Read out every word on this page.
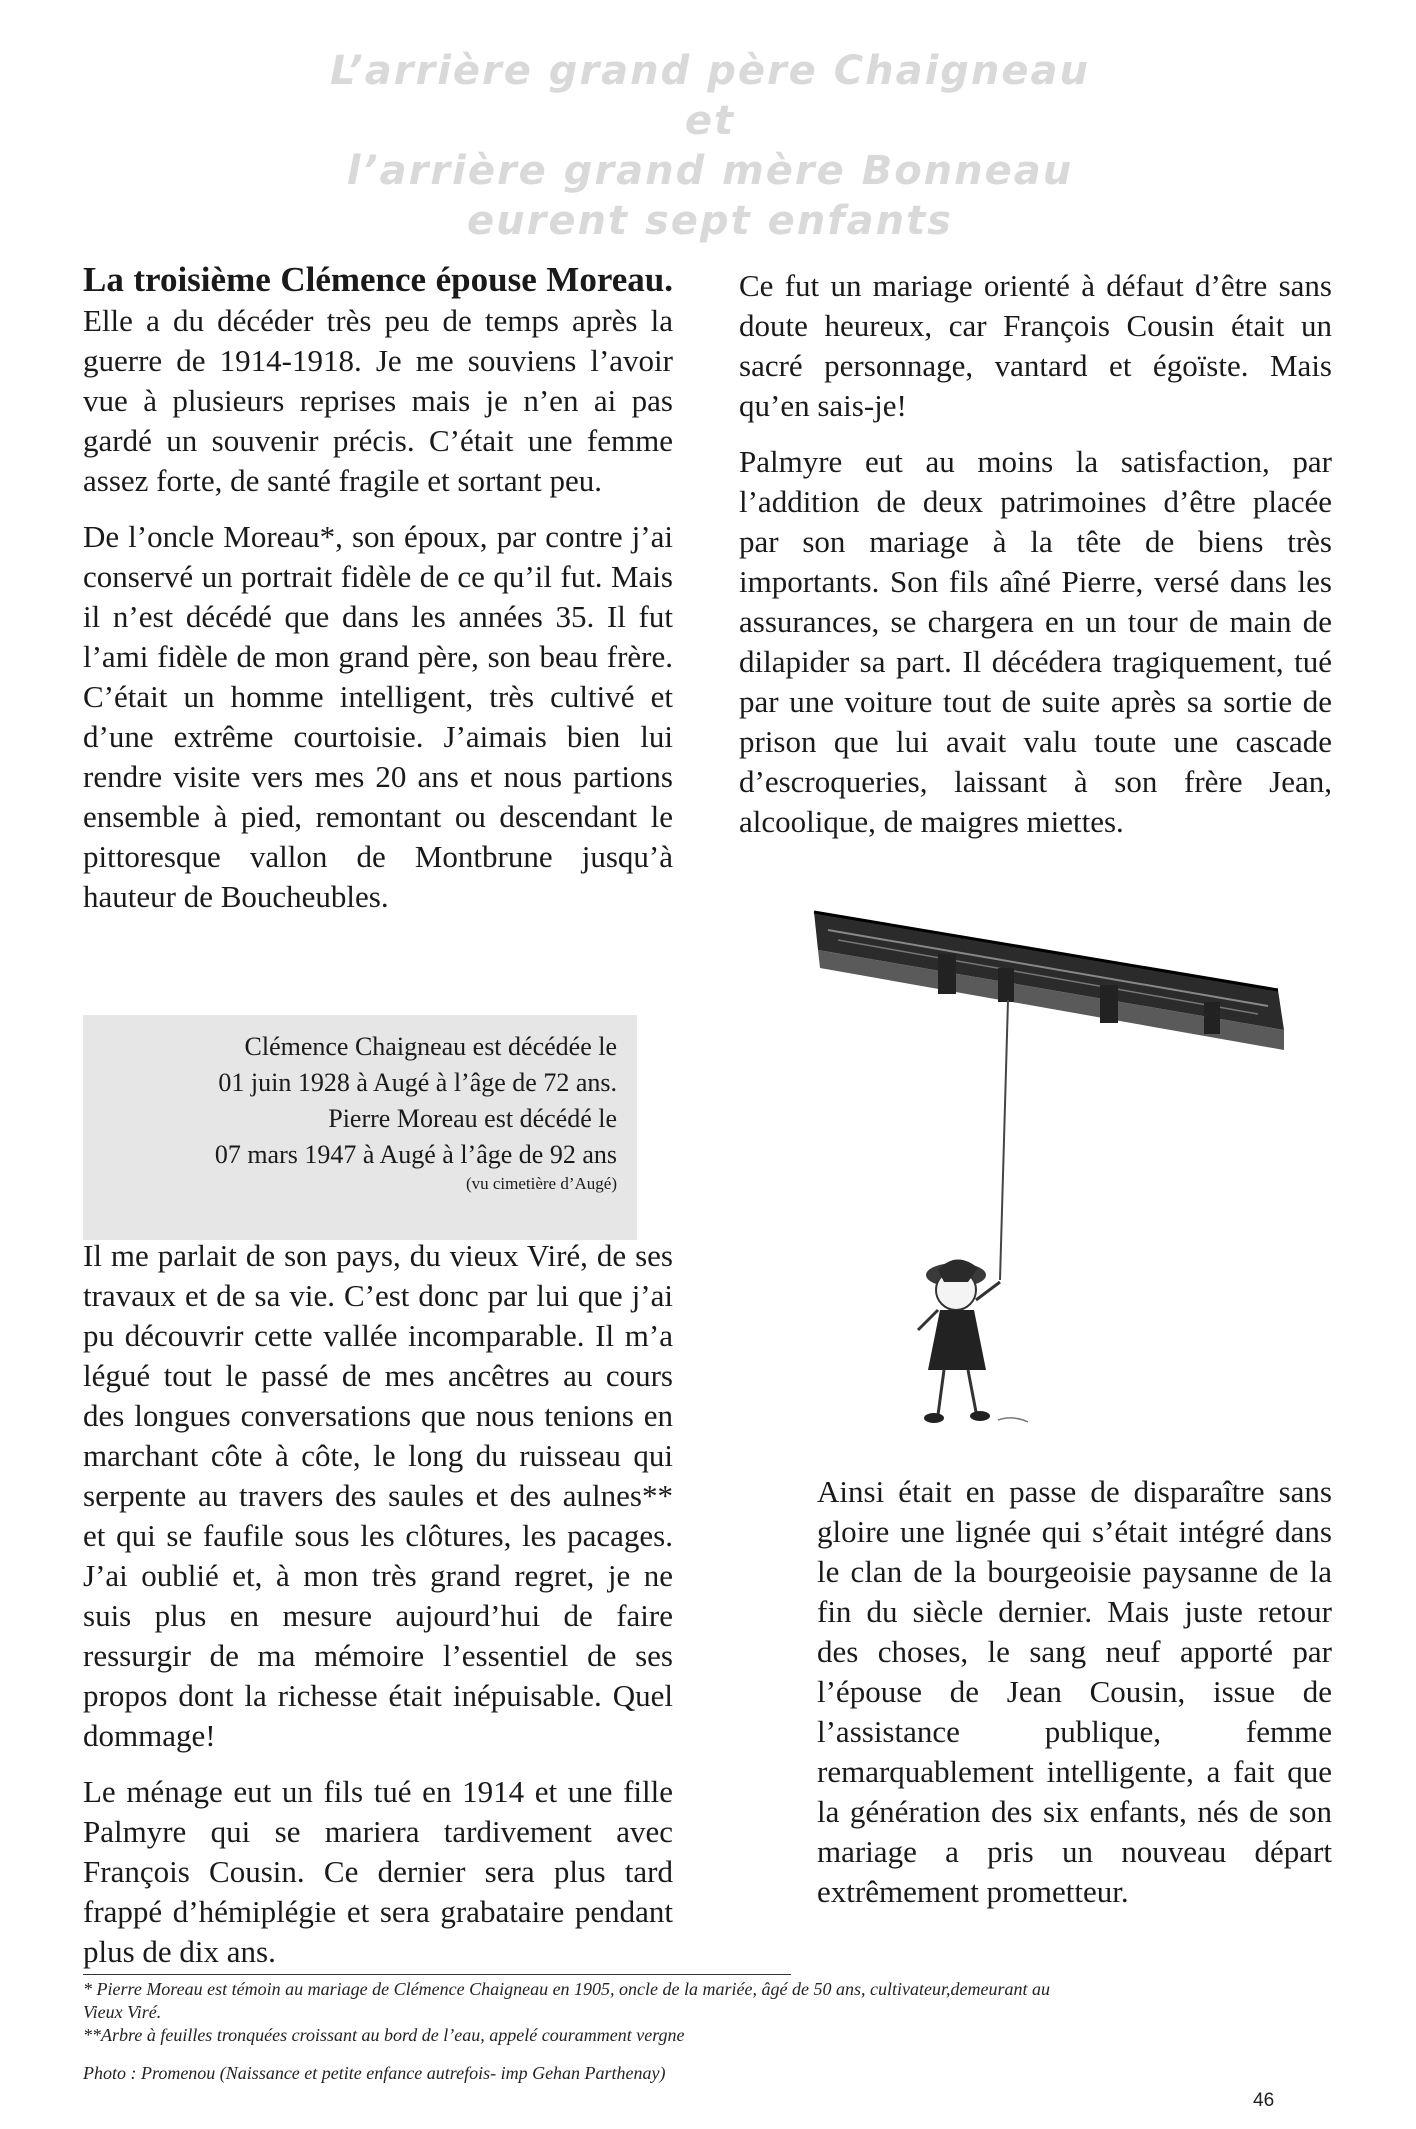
L’arrière grand père Chaigneau
et
l’arrière grand mère Bonneau
eurent sept enfants

La troisième Clémence épouse Moreau. Elle a du décéder très peu de temps après la guerre de 1914-1918. Je me souviens l’avoir vue à plusieurs reprises mais je n’en ai pas gardé un souvenir précis. C’était une femme assez forte, de santé fragile et sortant peu.

De l’oncle Moreau*, son époux, par contre j’ai conservé un portrait fidèle de ce qu’il fut. Mais il n’est décédé que dans les années 35. Il fut l’ami fidèle de mon grand père, son beau frère. C’était un homme intelligent, très cultivé et d’une extrême courtoisie. J’aimais bien lui rendre visite vers mes 20 ans et nous partions ensemble à pied, remontant ou descendant le pittoresque vallon de Montbrune jusqu’à hauteur de Boucheubles.

Clémence Chaigneau est décédée le
01 juin 1928 à Augé à l’âge de 72 ans.
Pierre Moreau est décédé le
07 mars 1947 à Augé à l’âge de 92 ans
(vu cimetière d’Augé)

Il me parlait de son pays, du vieux Viré, de ses travaux et de sa vie. C’est donc par lui que j’ai pu découvrir cette vallée incomparable. Il m’a légué tout le passé de mes ancêtres au cours des longues conversations que nous tenions en marchant côte à côte, le long du ruisseau qui serpente au travers des saules et des aulnes** et qui se faufile sous les clôtures, les pacages. J’ai oublié et, à mon très grand regret, je ne suis plus en mesure aujourd’hui de faire ressurgir de ma mémoire l’essentiel de ses propos dont la richesse était inépuisable. Quel dommage!

Le ménage eut un fils tué en 1914 et une fille Palmyre qui se mariera tardivement avec François Cousin. Ce dernier sera plus tard frappé d’hémiplégie et sera grabataire pendant plus de dix ans.

Ce fut un mariage orienté à défaut d’être sans doute heureux, car François Cousin était un sacré personnage, vantard et égoïste. Mais qu’en sais-je!

Palmyre eut au moins la satisfaction, par l’addition de deux patrimoines d’être placée par son mariage à la tête de biens très importants. Son fils aîné Pierre, versé dans les assurances, se chargera en un tour de main de dilapider sa part. Il décédera tragiquement, tué par une voiture tout de suite après sa sortie de prison que lui avait valu toute une cascade d’escroqueries, laissant à son frère Jean, alcoolique, de maigres miettes.

Ainsi était en passe de disparaître sans gloire une lignée qui s’était intégré dans le clan de la bourgeoisie paysanne de la fin du siècle dernier. Mais juste retour des choses, le sang neuf apporté par l’épouse de Jean Cousin, issue de l’assistance publique, femme remarquablement intelligente, a fait que la génération des six enfants, nés de son mariage a pris un nouveau départ extrêmement prometteur.

* Pierre Moreau est témoin au mariage de Clémence Chaigneau en 1905, oncle de la mariée, âgé de 50 ans, cultivateur,demeurant au Vieux Viré.
**Arbre à feuilles tronquées croissant au bord de l’eau, appelé couramment vergne
Photo : Promenou (Naissance et petite enfance autrefois- imp Gehan Parthenay)
46
